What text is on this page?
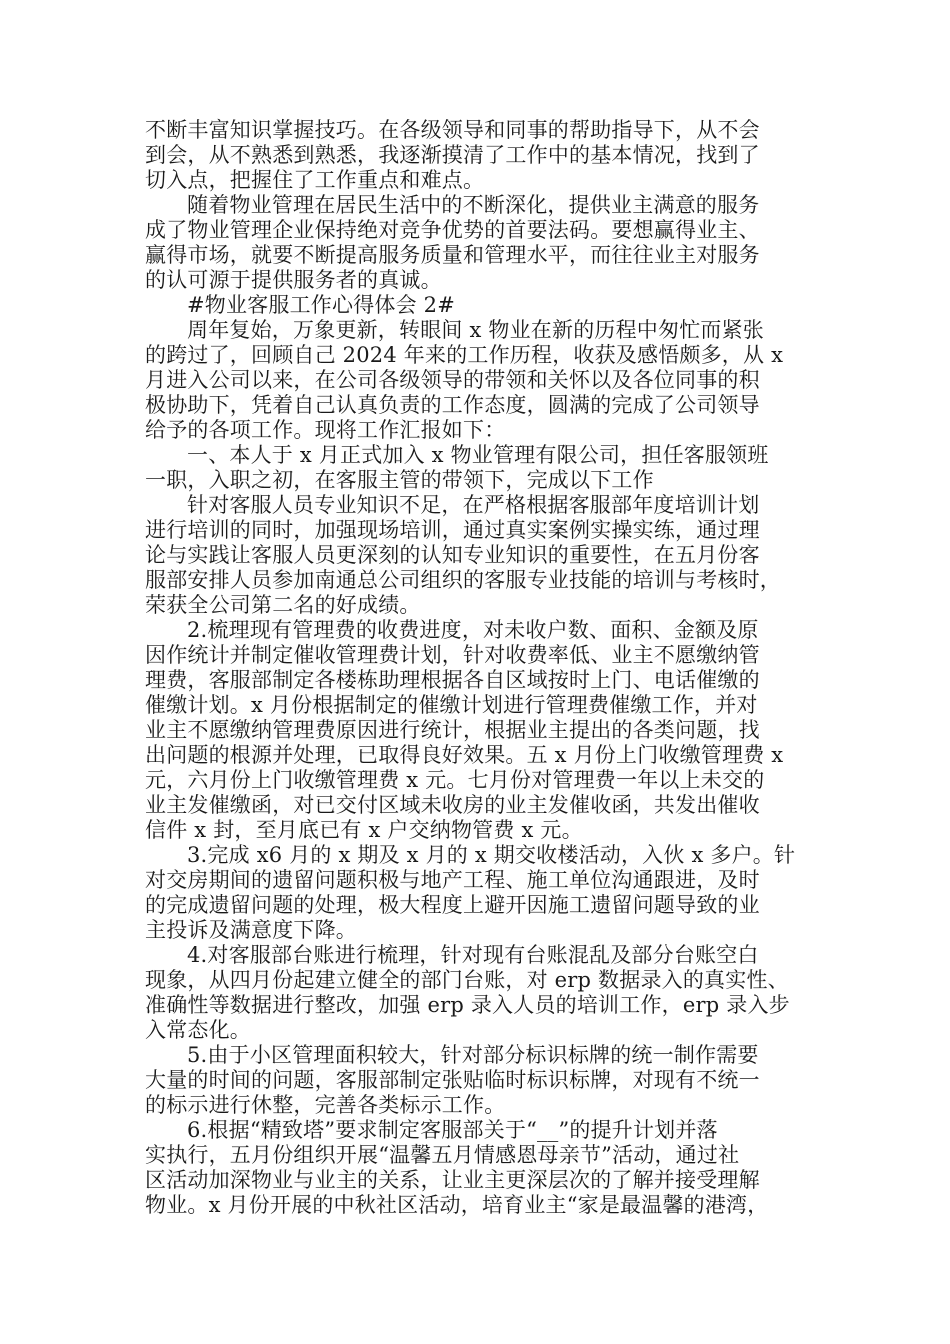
不断丰富知识掌握技巧。在各级领导和同事的帮助指导下，从不会
到会，从不熟悉到熟悉，我逐渐摸清了工作中的基本情况，找到了
切入点，把握住了工作重点和难点。
随着物业管理在居民生活中的不断深化，提供业主满意的服务
成了物业管理企业保持绝对竞争优势的首要法码。要想赢得业主、
赢得市场，就要不断提高服务质量和管理水平，而往往业主对服务
的认可源于提供服务者的真诚。
#物业客服工作心得体会 2#
周年复始，万象更新，转眼间 x 物业在新的历程中匆忙而紧张
的跨过了，回顾自己 2024 年来的工作历程，收获及感悟颇多，从 x
月进入公司以来，在公司各级领导的带领和关怀以及各位同事的积
极协助下，凭着自己认真负责的工作态度，圆满的完成了公司领导
给予的各项工作。现将工作汇报如下：
一、本人于 x 月正式加入 x 物业管理有限公司，担任客服领班
一职，入职之初，在客服主管的带领下，完成以下工作
针对客服人员专业知识不足，在严格根据客服部年度培训计划
进行培训的同时，加强现场培训，通过真实案例实操实练，通过理
论与实践让客服人员更深刻的认知专业知识的重要性，在五月份客
服部安排人员参加南通总公司组织的客服专业技能的培训与考核时，
荣获全公司第二名的好成绩。
2.梳理现有管理费的收费进度，对未收户数、面积、金额及原
因作统计并制定催收管理费计划，针对收费率低、业主不愿缴纳管
理费，客服部制定各楼栋助理根据各自区域按时上门、电话催缴的
催缴计划。x 月份根据制定的催缴计划进行管理费催缴工作，并对
业主不愿缴纳管理费原因进行统计，根据业主提出的各类问题，找
出问题的根源并处理，已取得良好效果。五 x 月份上门收缴管理费 x
元，六月份上门收缴管理费 x 元。七月份对管理费一年以上未交的
业主发催缴函，对已交付区域未收房的业主发催收函，共发出催收
信件 x 封，至月底已有 x 户交纳物管费 x 元。
3.完成 x6 月的 x 期及 x 月的 x 期交收楼活动，入伙 x 多户。针
对交房期间的遗留问题积极与地产工程、施工单位沟通跟进，及时
的完成遗留问题的处理，极大程度上避开因施工遗留问题导致的业
主投诉及满意度下降。
4.对客服部台账进行梳理，针对现有台账混乱及部分台账空白
现象，从四月份起建立健全的部门台账，对 erp 数据录入的真实性、
准确性等数据进行整改，加强 erp 录入人员的培训工作，erp 录入步
入常态化。
5.由于小区管理面积较大，针对部分标识标牌的统一制作需要
大量的时间的问题，客服部制定张贴临时标识标牌，对现有不统一
的标示进行休整，完善各类标示工作。
6.根据“精致塔”要求制定客服部关于“__”的提升计划并落
实执行，五月份组织开展“温馨五月情感恩母亲节”活动，通过社
区活动加深物业与业主的关系，让业主更深层次的了解并接受理解
物业。x 月份开展的中秋社区活动，培育业主“家是最温馨的港湾，
